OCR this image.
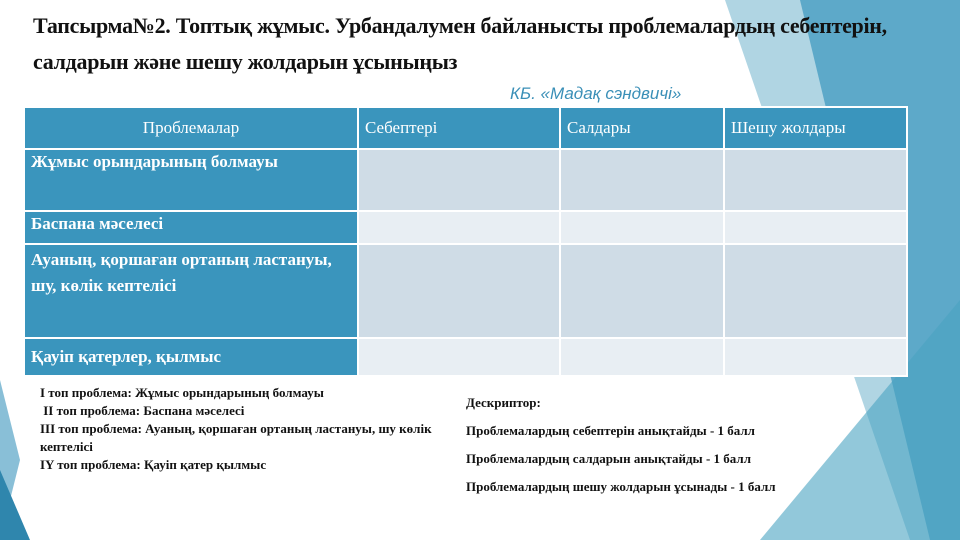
Тапсырма№2. Топтық жұмыс. Урбандалумен байланысты проблемалардың себептерін, салдарын және шешу жолдарын ұсыныңыз
КБ. «Мадақ сэндвичі»
Проблемалар	Себептері	Салдары	Шешу жолдары
Жұмыс орындарының болмауы			
Баспана мәселесі			
Ауаның, қоршаған ортаның ластануы, шу, көлік кептелісі			
Қауіп қатерлер, қылмыс			
I топ проблема: Жұмыс орындарының болмауы
II топ проблема: Баспана мәселесі
III топ проблема: Ауаның, қоршаған ортаның ластануы, шу көлік кептелісі
IY топ проблема: Қауіп қатер қылмыс
Дескриптор:
Проблемалардың себептерін анықтайды - 1 балл
Проблемалардың салдарын анықтайды - 1 балл
Проблемалардың шешу жолдарын ұсынады - 1 балл
